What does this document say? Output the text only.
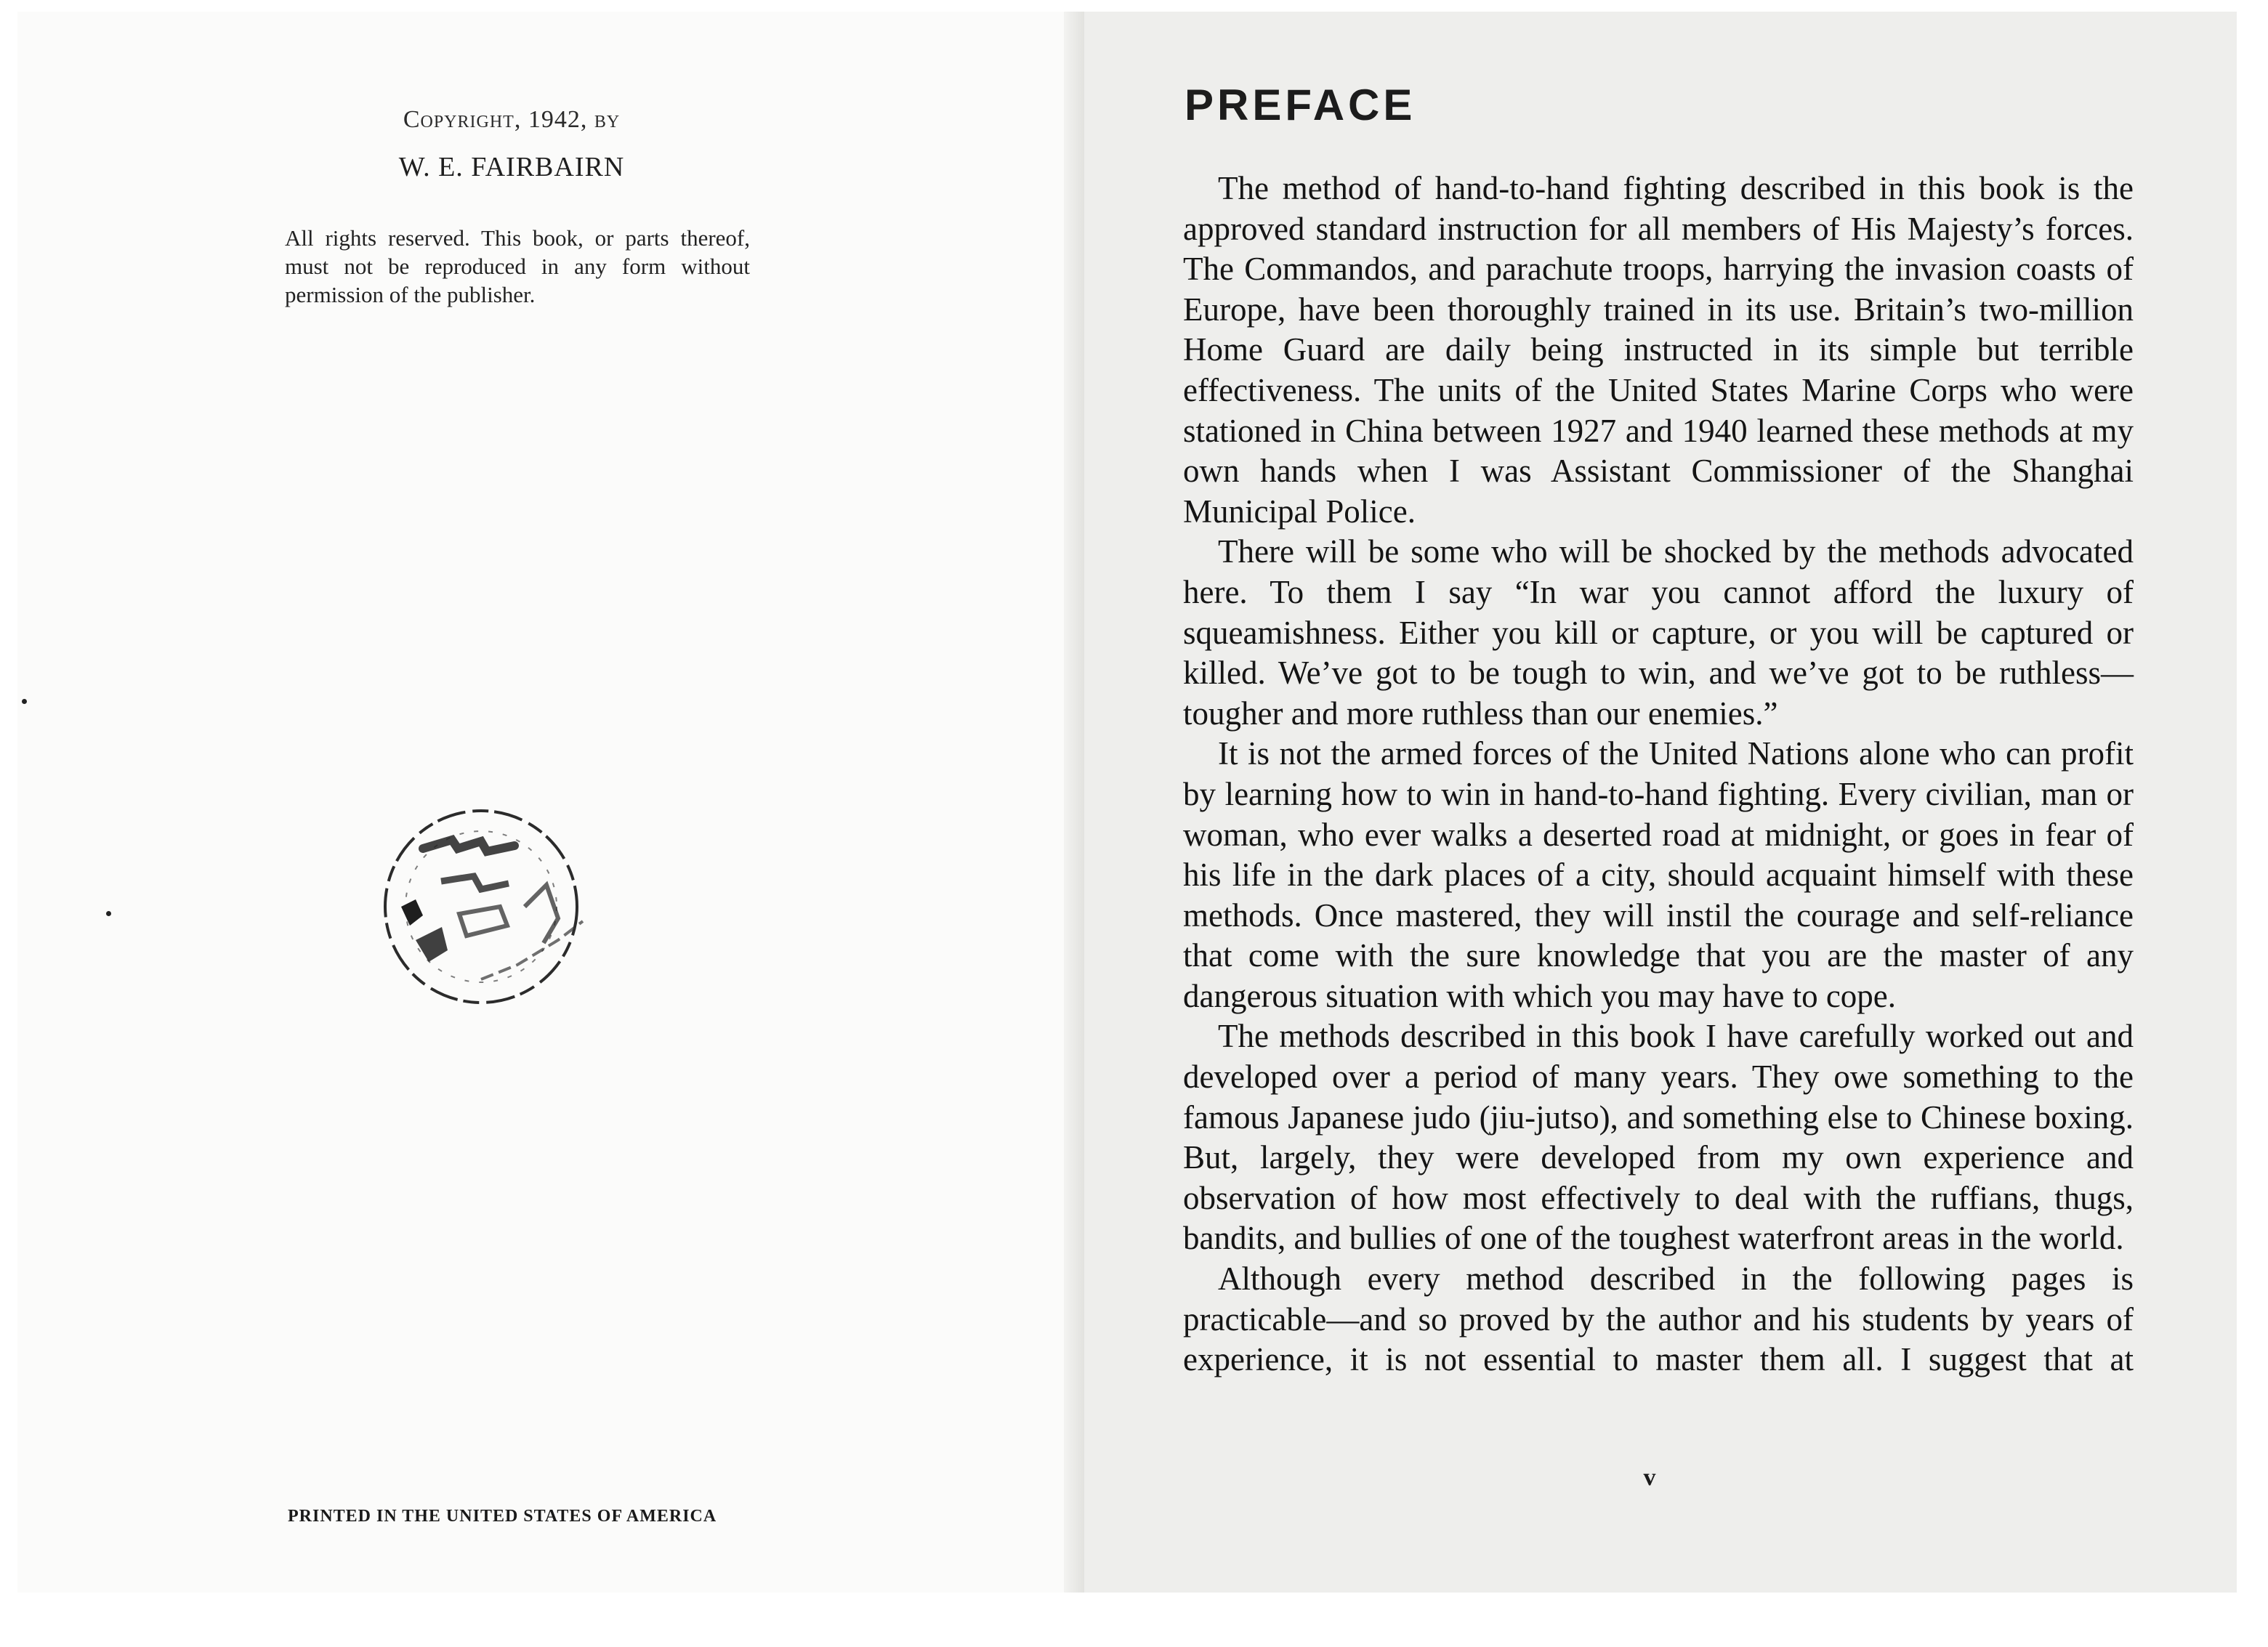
Copyright, 1942, by
W. E. FAIRBAIRN
All rights reserved. This book, or parts thereof, must not be reproduced in any form without permission of the publisher.
PRINTED IN THE UNITED STATES OF AMERICA
PREFACE

The method of hand-to-hand fighting described in this book is the approved standard instruction for all members of His Majesty’s forces. The Commandos, and parachute troops, harrying the invasion coasts of Europe, have been thoroughly trained in its use. Britain’s two-million Home Guard are daily being instructed in its simple but terrible effectiveness. The units of the United States Marine Corps who were stationed in China between 1927 and 1940 learned these methods at my own hands when I was Assistant Commissioner of the Shanghai Municipal Police.

There will be some who will be shocked by the methods advocated here. To them I say “In war you cannot afford the luxury of squeamishness. Either you kill or capture, or you will be captured or killed. We’ve got to be tough to win, and we’ve got to be ruthless—tougher and more ruthless than our enemies.”

It is not the armed forces of the United Nations alone who can profit by learning how to win in hand-to-hand fighting. Every civilian, man or woman, who ever walks a deserted road at midnight, or goes in fear of his life in the dark places of a city, should acquaint himself with these methods. Once mastered, they will instil the courage and self-reliance that come with the sure knowledge that you are the master of any dangerous situation with which you may have to cope.

The methods described in this book I have carefully worked out and developed over a period of many years. They owe something to the famous Japanese judo (jiu-jutso), and something else to Chinese boxing. But, largely, they were developed from my own experience and observation of how most effectively to deal with the ruffians, thugs, bandits, and bullies of one of the toughest waterfront areas in the world.

Although every method described in the following pages is practicable—and so proved by the author and his students by years of experience, it is not essential to master them all. I suggest that at

v
